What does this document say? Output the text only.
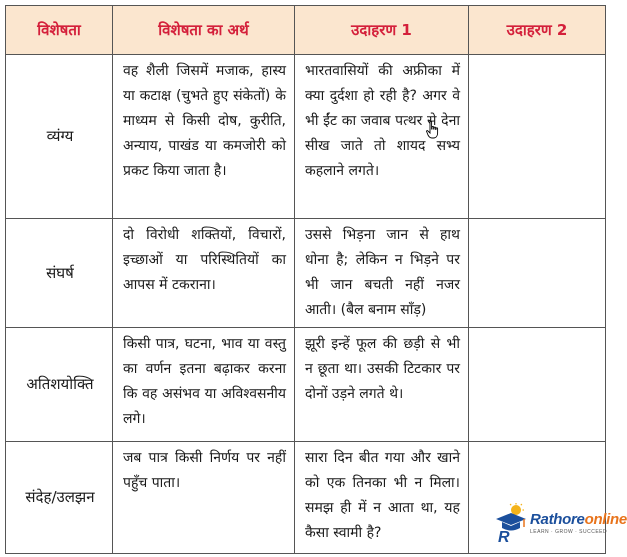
विशेषता	विशेषता का अर्थ	उदाहरण 1	उदाहरण 2
व्यंग्य	वह शैली जिसमें मजाक, हास्य या कटाक्ष (चुभते हुए संकेतों) के माध्यम से किसी दोष, कुरीति, अन्याय, पाखंड या कमजोरी को प्रकट किया जाता है।	भारतवासियों की अफ्रीका में क्या दुर्दशा हो रही है? अगर वे भी ईंट का जवाब पत्थर से देना सीख जाते तो शायद सभ्य कहलाने लगते।	
संघर्ष	दो विरोधी शक्तियों, विचारों, इच्छाओं या परिस्थितियों का आपस में टकराना।	उससे भिड़ना जान से हाथ धोना है; लेकिन न भिड़ने पर भी जान बचती नहीं नजर आती। (बैल बनाम साँड़)	
अतिशयोक्ति	किसी पात्र, घटना, भाव या वस्तु का वर्णन इतना बढ़ाकर करना कि वह असंभव या अविश्वसनीय लगे।	झूरी इन्हें फूल की छड़ी से भी न छूता था। उसकी टिटकार पर दोनों उड़ने लगते थे।	
संदेह/उलझन	जब पात्र किसी निर्णय पर नहीं पहुँच पाता।	सारा दिन बीत गया और खाने को एक तिनका भी न मिला। समझ ही में न आता था, यह कैसा स्वामी है?		R
Rathoreonline
LEARN · GROW · SUCCEED
